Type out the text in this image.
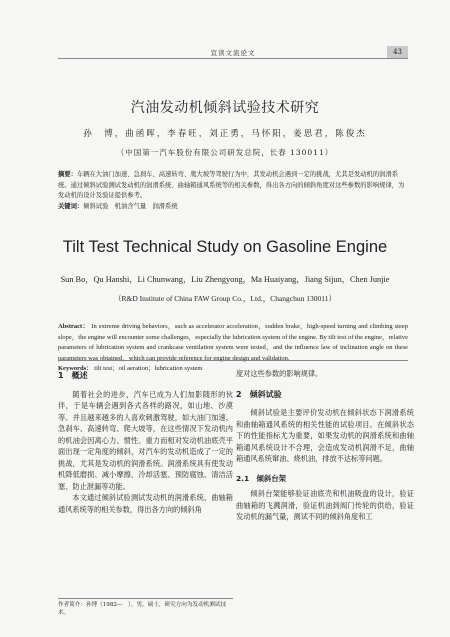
宣读文流论文	43
汽油发动机倾斜试验技术研究
孙　博，曲函晖，李春旺，刘正勇，马怀阳，姜思君，陈俊杰
（中国第一汽车股份有限公司研发总院，长春 130011）
摘要：车辆在大油门加速、急刹车、高速转弯、爬大坡等驾驶行为中，其发动机会遇到一定的挑战，尤其是发动机的润滑系统。通过倾斜试验测试发动机的润滑系统、曲轴箱通风系统等的相关参数，得出各方向的倾斜角度对这些参数的影响规律，为发动机的设计及验证提供参考。
关键词：倾斜试验　机油含气量　润滑系统
Tilt Test Technical Study on Gasoline Engine
Sun Bo，Qu Hanshi，Li Chunwang，Liu Zhengyong，Ma Huaiyang，Jiang Sijun，Chen Junjie
（R&D Institute of China FAW Group Co.，Ltd.，Changchun 130011）
Abstract： In extreme driving behaviors，such as accelerator acceleration，sudden brake，high-speed turning and climbing steep slope，the engine will encounter some challenges，especially the lubrication system of the engine. By tilt test of the engine，relative parameters of lubrication system and crankcase ventilation system were tested，and the influence law of inclination angle on these parameters was obtained，which can provide reference for engine design and validation.
Keywords： tilt test；oil aeration；lubrication system
1　概述

随着社会的进步，汽车已成为人们加影随形的伙伴，于是车辆会遇到各式各样的路况，如山地、沙漠等。并且越来越多的人喜欢刺激驾驶，如大油门加速、急刹车、高速转弯、爬大坡等，在这些情况下发动机内的机油会因离心力、惯性、重力而相对发动机油底壳平面出现一定角度的倾斜，对汽车的发动机造成了一定的挑战，尤其是发动机的润滑系统。润滑系统具有使发动机降低磨损、减小摩擦、冷却活塞、预防腐蚀、清洁活塞、防止泄漏等功能。

本文通过倾斜试验测试发动机的润滑系统、曲轴箱通风系统等的相关参数，得出各方向的倾斜角

度对这些参数的影响规律。

2　倾斜试验

倾斜试验是主要评价发动机在倾斜状态下润滑系统和曲轴箱通风系统的相关性能的试验项目。在倾斜状态下的性能指标尤为重要，如果发动机的润滑系统和曲轴箱通风系统设计不合理，会造成发动机润滑不足，曲轴箱通风系统窜油、烧机油，排放不达标等问题。

2.1　倾斜台架

倾斜台架能够验证油底壳和机油吸盘的设计，验证曲轴箱的飞溅润滑，验证机油到阀门传轮的供给，验证发动机的漏气量，测试不同的倾斜角度和工

作者简介：孙博（1982—　），男，硕士，研究方向为发动机测试技术。
